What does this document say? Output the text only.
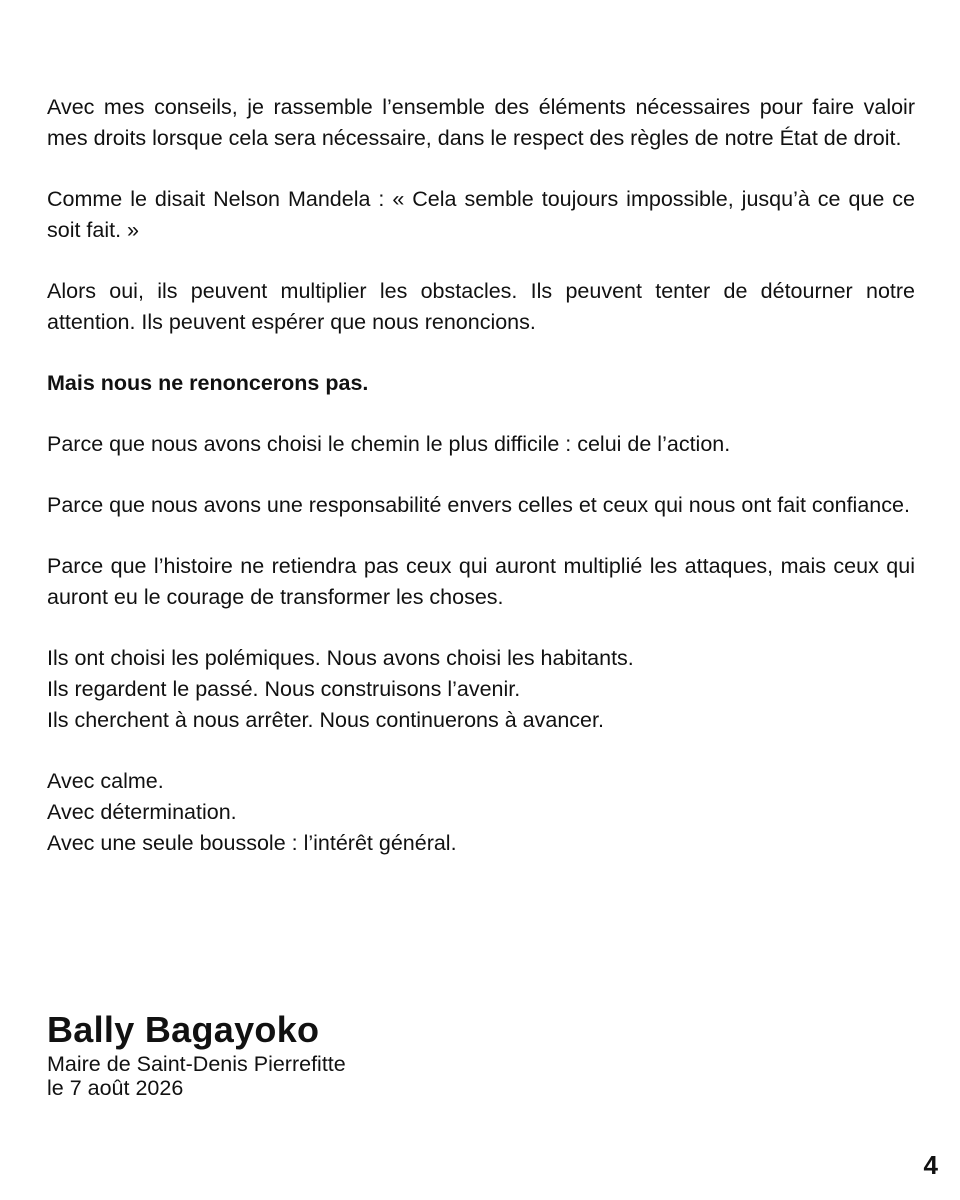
Avec mes conseils, je rassemble l’ensemble des éléments nécessaires pour faire valoir mes droits lorsque cela sera nécessaire, dans le respect des règles de notre État de droit.

Comme le disait Nelson Mandela : « Cela semble toujours impossible, jusqu’à ce que ce soit fait. »

Alors oui, ils peuvent multiplier les obstacles. Ils peuvent tenter de détourner notre attention. Ils peuvent espérer que nous renoncions.

Mais nous ne renoncerons pas.

Parce que nous avons choisi le chemin le plus difficile : celui de l’action.

Parce que nous avons une responsabilité envers celles et ceux qui nous ont fait confiance.

Parce que l’histoire ne retiendra pas ceux qui auront multiplié les attaques, mais ceux qui auront eu le courage de transformer les choses.

Ils ont choisi les polémiques. Nous avons choisi les habitants.
Ils regardent le passé. Nous construisons l’avenir.
Ils cherchent à nous arrêter. Nous continuerons à avancer.

Avec calme.
Avec détermination.
Avec une seule boussole : l’intérêt général.

Bally Bagayoko

Maire de Saint-Denis Pierrefitte

le 7 août 2026

4
